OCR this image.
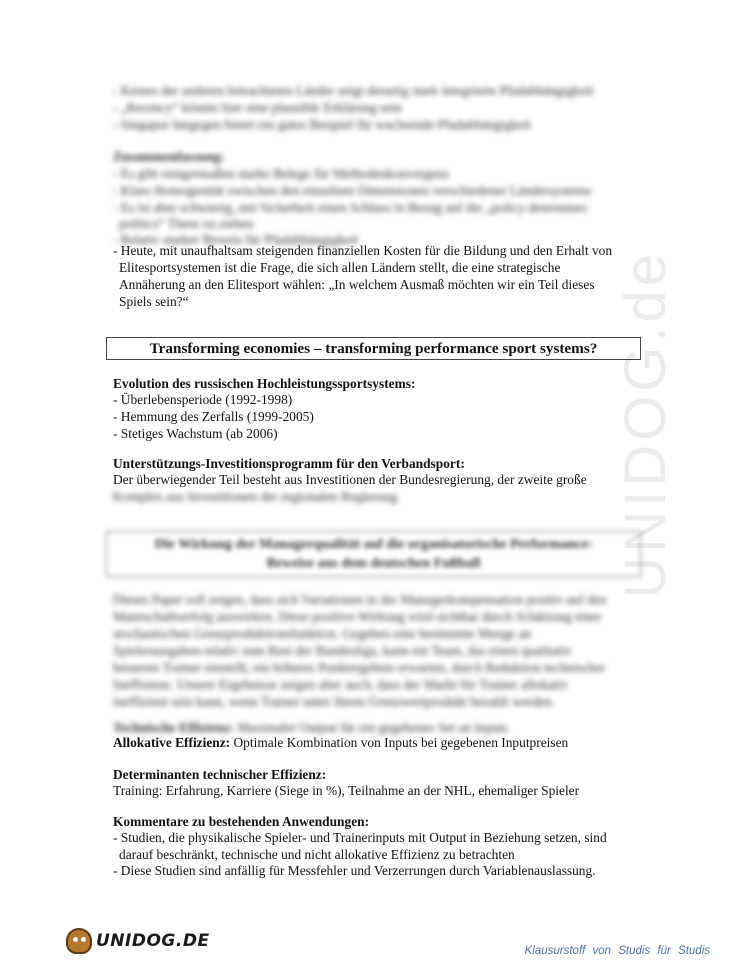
UNIDOG.de
- Keines der anderen betrachteten Länder zeigt derartig stark integrierte Pfadabhängigkeit
- „Recency“ könnte hier eine plausible Erklärung sein
- Singapur hingegen bietet ein gutes Beispiel für wachsende Pfadabhängigkeit
Zusammenfassung:
- Es gibt einigermaßen starke Belege für Methodenkonvergenz
- Klare Homogenität zwischen den einzelnen Dimensionen verschiedener Ländersysteme
- Es ist aber schwierig, mit Sicherheit einen Schluss in Bezug auf die „policy determines
politics“ These zu ziehen
- Relativ starker Beweis für Pfadabhängigkeit
- Heute, mit unaufhaltsam steigenden finanziellen Kosten für die Bildung und den Erhalt von
Elitesportsystemen ist die Frage, die sich allen Ländern stellt, die eine strategische
Annäherung an den Elitesport wählen: „In welchem Ausmaß möchten wir ein Teil dieses
Spiels sein?“
Transforming economies – transforming performance sport systems?
Evolution des russischen Hochleistungssportsystems:
- Überlebensperiode (1992-1998)
- Hemmung des Zerfalls (1999-2005)
- Stetiges Wachstum (ab 2006)
Unterstützungs-Investitionsprogramm für den Verbandsport:
Der überwiegender Teil besteht aus Investitionen der Bundesregierung, der zweite große
Komplex aus Investitionen der regionalen Regierung.
Die Wirkung der Managerqualität auf die organisatorische Performance:
Beweise aus dem deutschen Fußball
Dieses Paper soll zeigen, dass sich Variationen in der Managerkompensation positiv auf den
Mannschaftserfolg auswirken. Diese positive Wirkung wird sichtbar durch Schätzung einer
stochastischen Grenzproduktionsfunktion. Gegeben eine bestimmte Menge an
Spielerausgaben relativ zum Rest der Bundesliga, kann ein Team, das einen qualitativ
besseren Trainer einstellt, ein höheres Punktergebnis erwarten, durch Reduktion technischer
Ineffizienz. Unsere Ergebnisse zeigen aber auch, dass der Markt für Trainer allokativ
ineffizient sein kann, wenn Trainer unter ihrem Grenzwertprodukt bezahlt werden.
Technische Effizienz: Maximaler Output für ein gegebenes Set an Inputs
Allokative Effizienz: Optimale Kombination von Inputs bei gegebenen Inputpreisen
Determinanten technischer Effizienz:
Training: Erfahrung, Karriere (Siege in %), Teilnahme an der NHL, ehemaliger Spieler
Kommentare zu bestehenden Anwendungen:
- Studien, die physikalische Spieler- und Trainerinputs mit Output in Beziehung setzen, sind
darauf beschränkt, technische und nicht allokative Effizienz zu betrachten
- Diese Studien sind anfällig für Messfehler und Verzerrungen durch Variablenauslassung.
UNIDOG.DE	Klausurstoff von Studis für Studis
